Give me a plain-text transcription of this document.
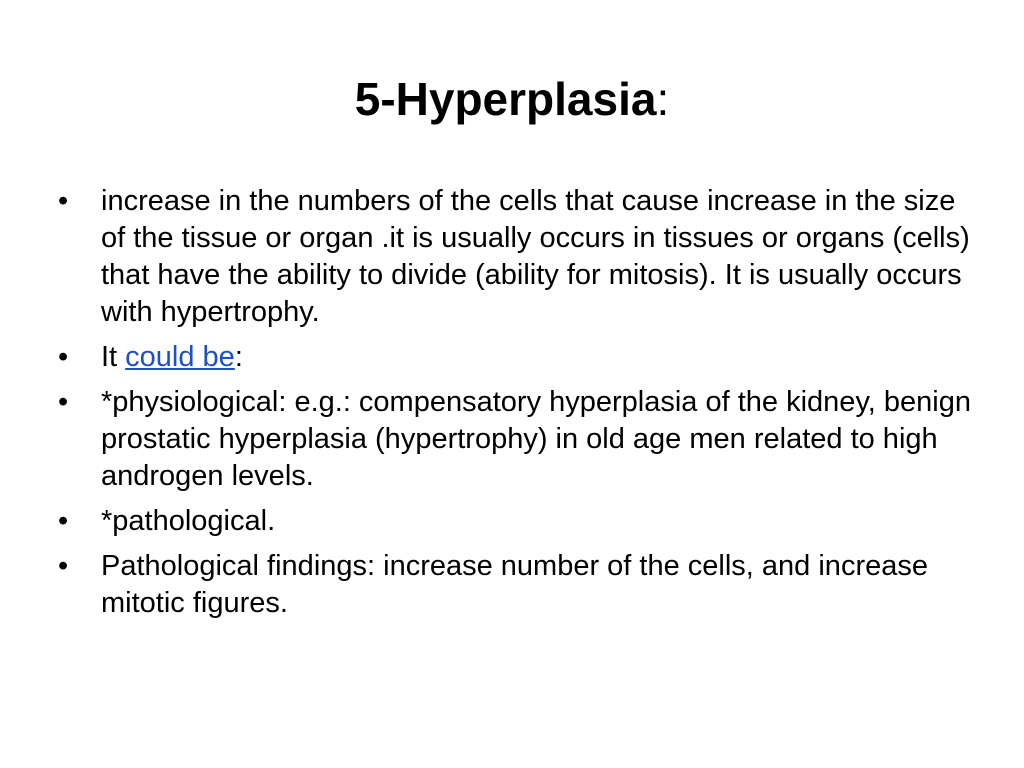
5-Hyperplasia:
•	increase in the numbers of the cells that cause increase in the size of the tissue or organ .it is usually occurs in tissues or organs (cells) that have the ability to divide (ability for mitosis). It is usually occurs with hypertrophy.
•	It could be:
•	*physiological: e.g.: compensatory hyperplasia of the kidney, benign prostatic hyperplasia (hypertrophy) in old age men related to high androgen levels.
•	*pathological.
•	Pathological findings: increase number of the cells, and increase mitotic figures.
